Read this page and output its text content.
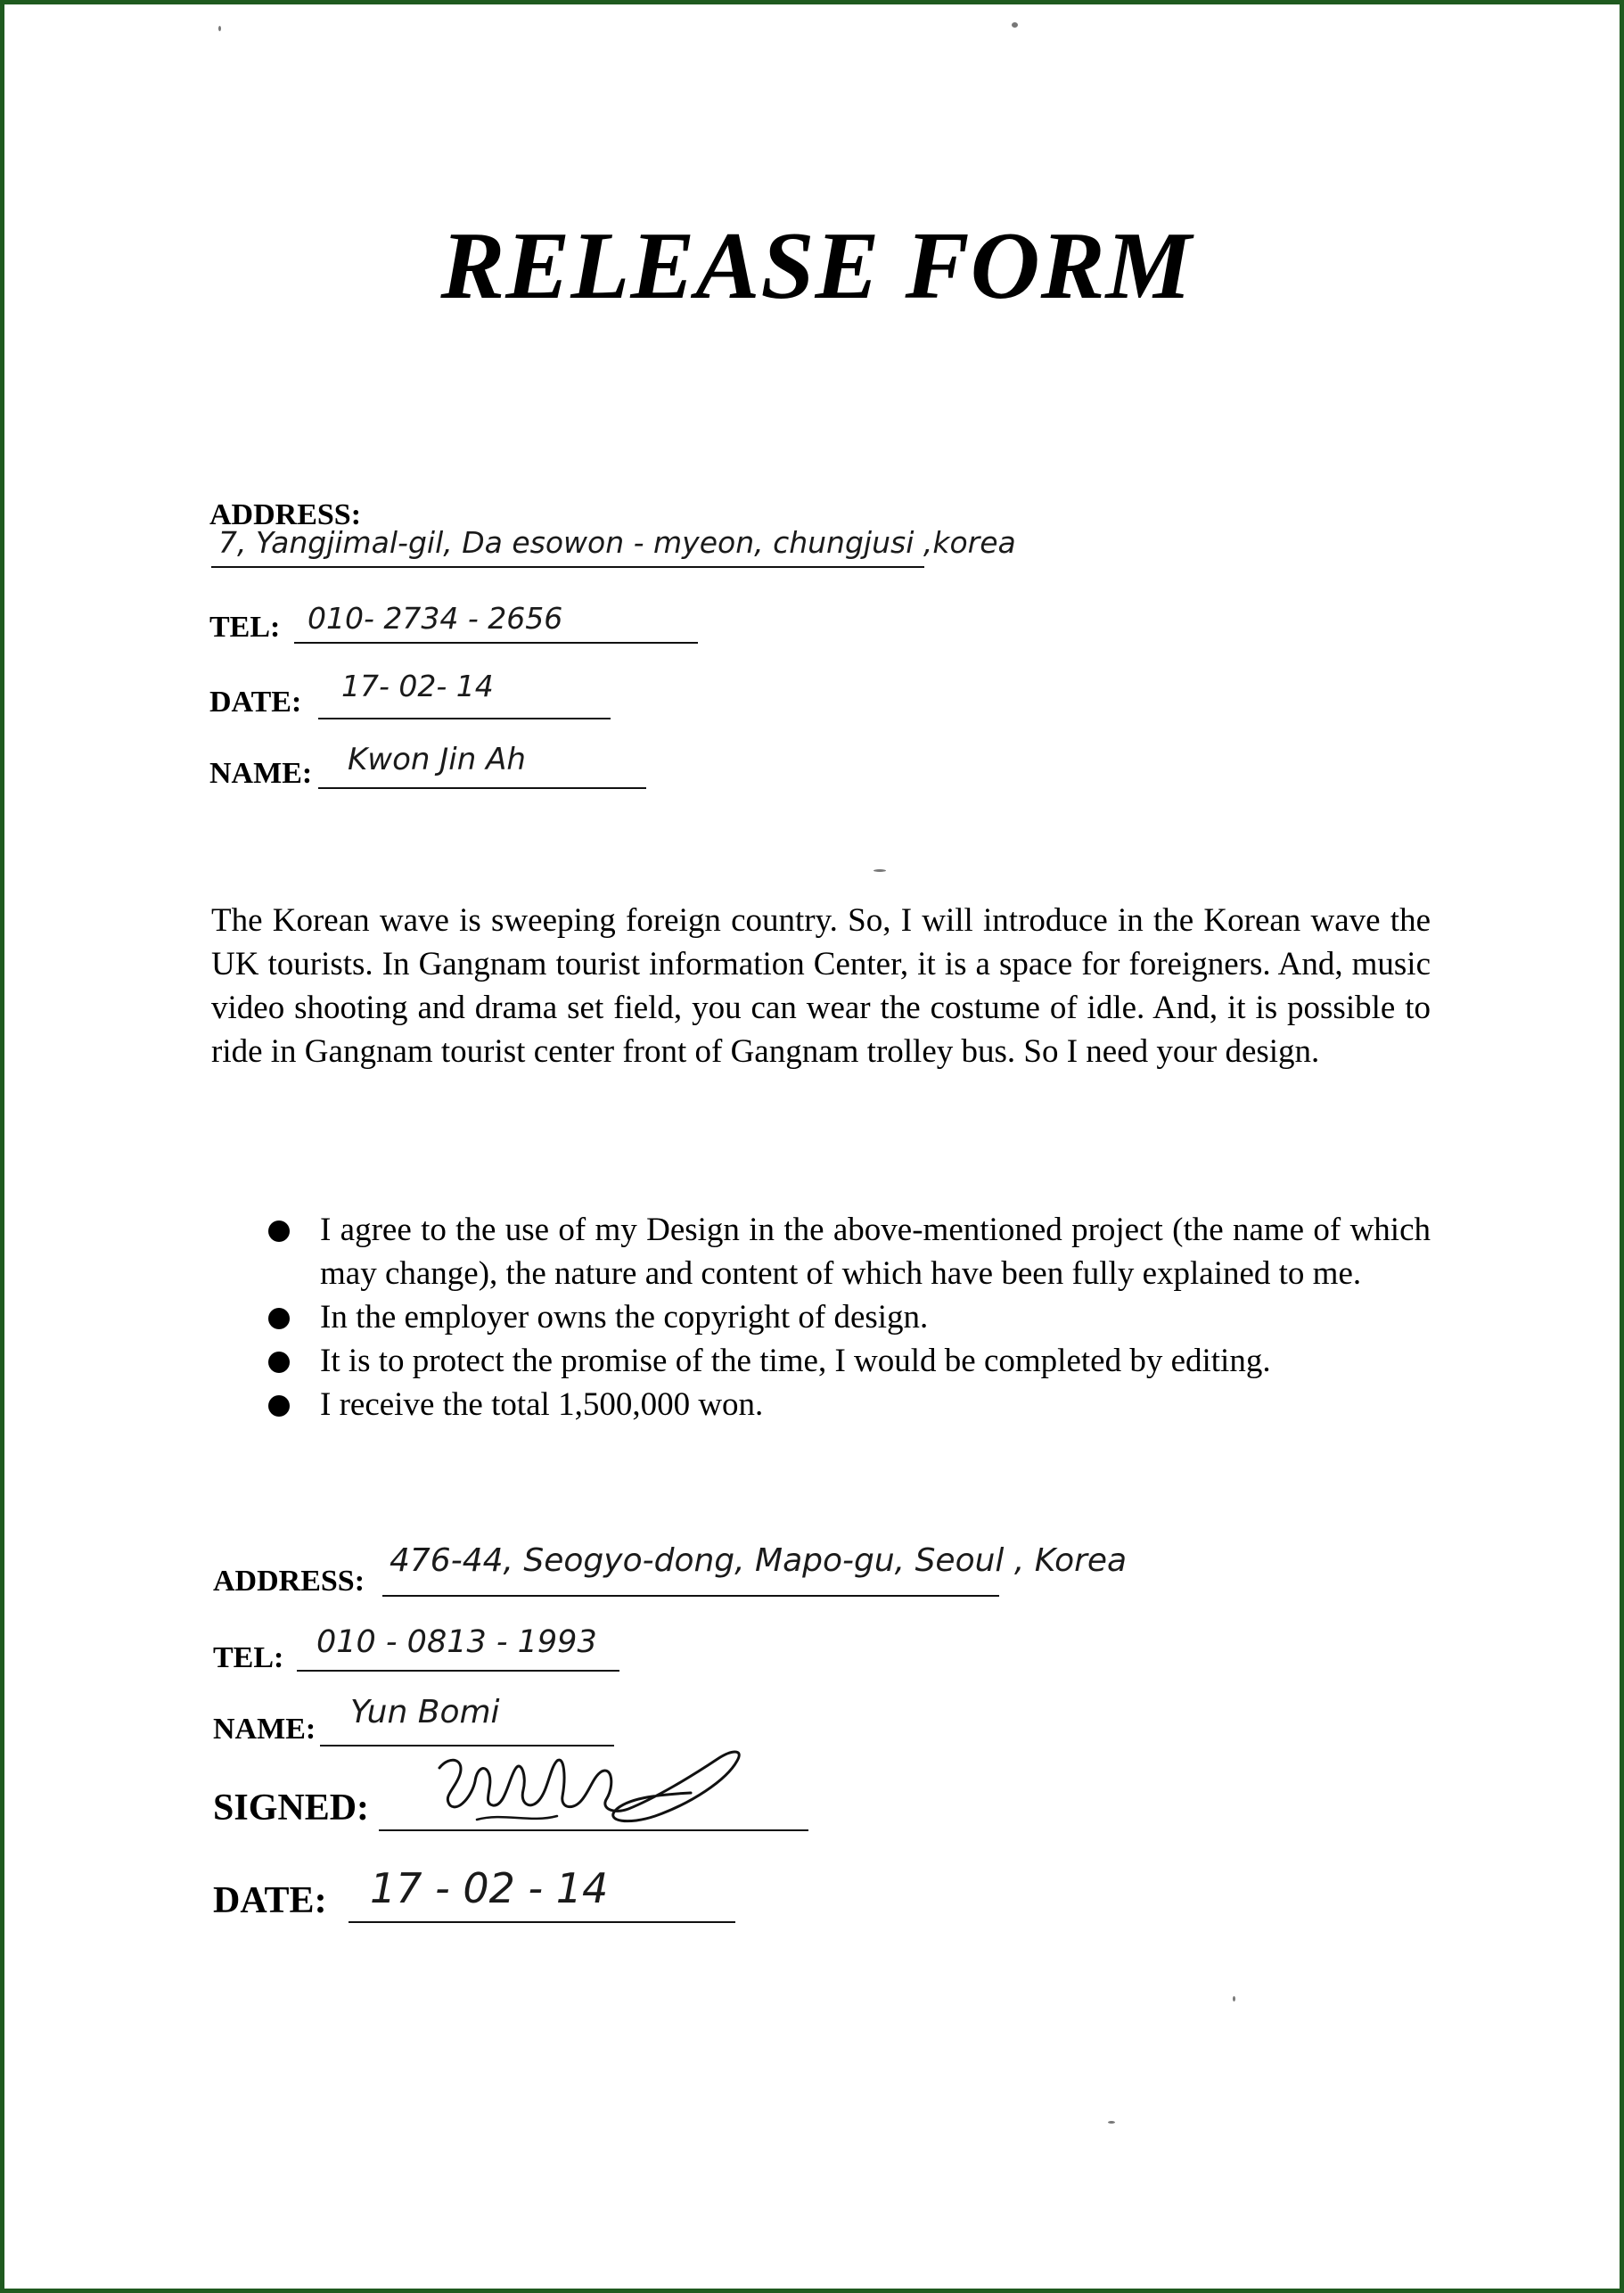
RELEASE FORM
ADDRESS:
7, Yangjimal-gil, Da esowon - myeon, chungjusi ,korea
TEL: 010- 2734 - 2656
DATE: 17- 02- 14
NAME: Kwon Jin Ah

The Korean wave is sweeping foreign country. So, I will introduce in the Korean wave the UK tourists. In Gangnam tourist information Center, it is a space for foreigners. And, music video shooting and drama set field, you can wear the costume of idle. And, it is possible to ride in Gangnam tourist center front of Gangnam trolley bus. So I need your design.

I agree to the use of my Design in the above-mentioned project (the name of which may change), the nature and content of which have been fully explained to me.
In the employer owns the copyright of design.
It is to protect the promise of the time, I would be completed by editing.
I receive the total 1,500,000 won.
ADDRESS:
476-44, Seogyo-dong, Mapo-gu, Seoul , Korea
TEL: 010 - 0813 - 1993
NAME: Yun Bomi
SIGNED:
DATE: 17 - 02 - 14
